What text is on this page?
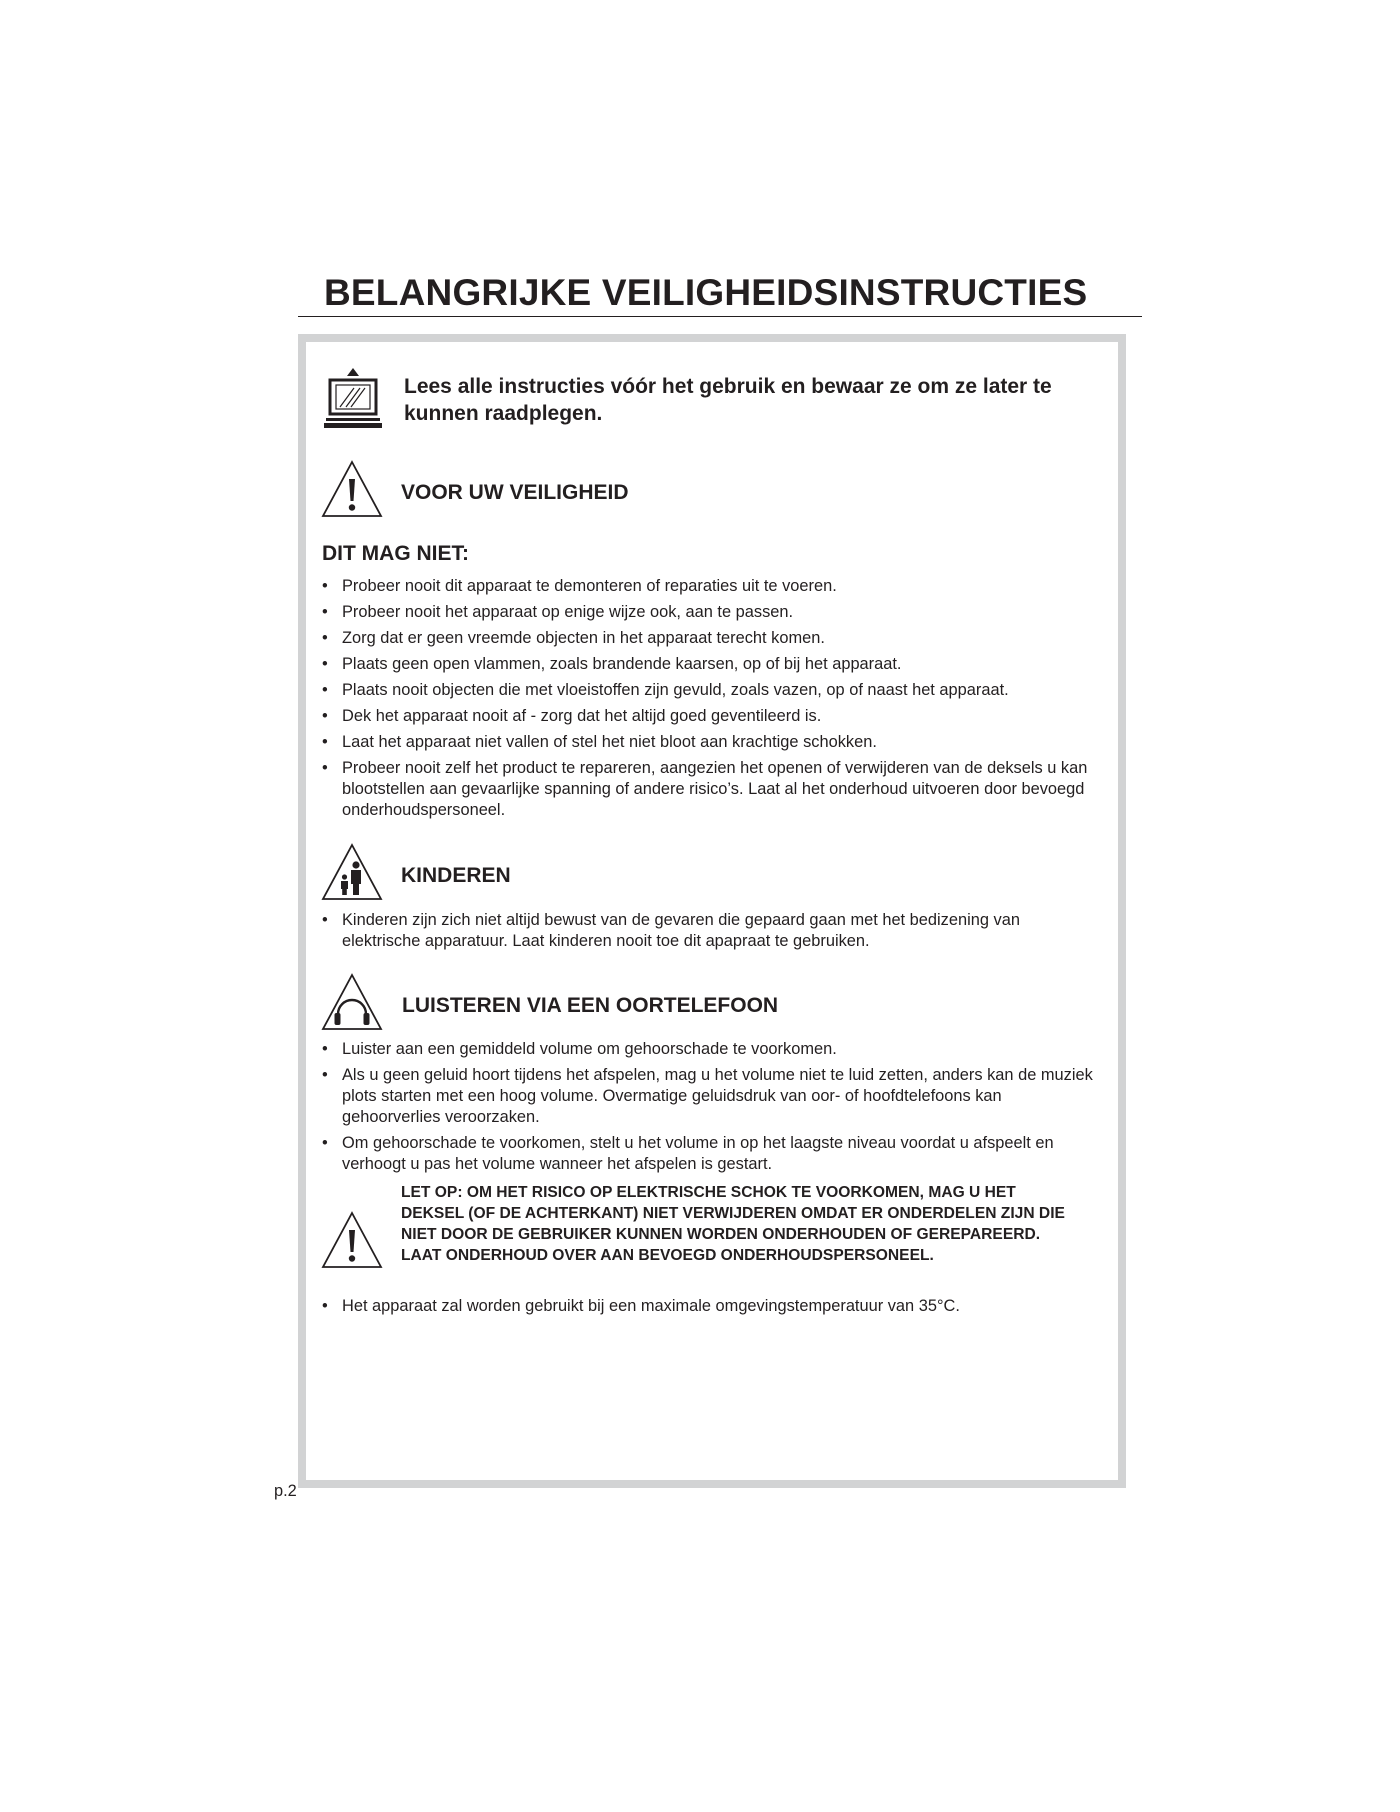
BELANGRIJKE VEILIGHEIDSINSTRUCTIES

Lees alle instructies vóór het gebruik en bewaar ze om ze later te kunnen raadplegen.

VOOR UW VEILIGHEID
DIT MAG NIET:
• Probeer nooit dit apparaat te demonteren of reparaties uit te voeren.
• Probeer nooit het apparaat op enige wijze ook, aan te passen.
• Zorg dat er geen vreemde objecten in het apparaat terecht komen.
• Plaats geen open vlammen, zoals brandende kaarsen, op of bij het apparaat.
• Plaats nooit objecten die met vloeistoffen zijn gevuld, zoals vazen, op of naast het apparaat.
• Dek het apparaat nooit af - zorg dat het altijd goed geventileerd is.
• Laat het apparaat niet vallen of stel het niet bloot aan krachtige schokken.
• Probeer nooit zelf het product te repareren, aangezien het openen of verwijderen van de deksels u kan blootstellen aan gevaarlijke spanning of andere risico’s. Laat al het onderhoud uitvoeren door bevoegd onderhoudspersoneel.
KINDEREN
• Kinderen zijn zich niet altijd bewust van de gevaren die gepaard gaan met het bedizening van elektrische apparatuur. Laat kinderen nooit toe dit apapraat te gebruiken.
LUISTEREN VIA EEN OORTELEFOON
• Luister aan een gemiddeld volume om gehoorschade te voorkomen.
• Als u geen geluid hoort tijdens het afspelen, mag u het volume niet te luid zetten, anders kan de muziek plots starten met een hoog volume. Overmatige geluidsdruk van oor- of hoofdtelefoons kan gehoorverlies veroorzaken.
• Om gehoorschade te voorkomen, stelt u het volume in op het laagste niveau voordat u afspeelt en verhoogt u pas het volume wanneer het afspelen is gestart.

LET OP: OM HET RISICO OP ELEKTRISCHE SCHOK TE VOORKOMEN, MAG U HET DEKSEL (OF DE ACHTERKANT) NIET VERWIJDEREN OMDAT ER ONDERDELEN ZIJN DIE NIET DOOR DE GEBRUIKER KUNNEN WORDEN ONDERHOUDEN OF GEREPAREERD. LAAT ONDERHOUD OVER AAN BEVOEGD ONDERHOUDSPERSONEEL.

• Het apparaat zal worden gebruikt bij een maximale omgevingstemperatuur van 35°C.

p.2
